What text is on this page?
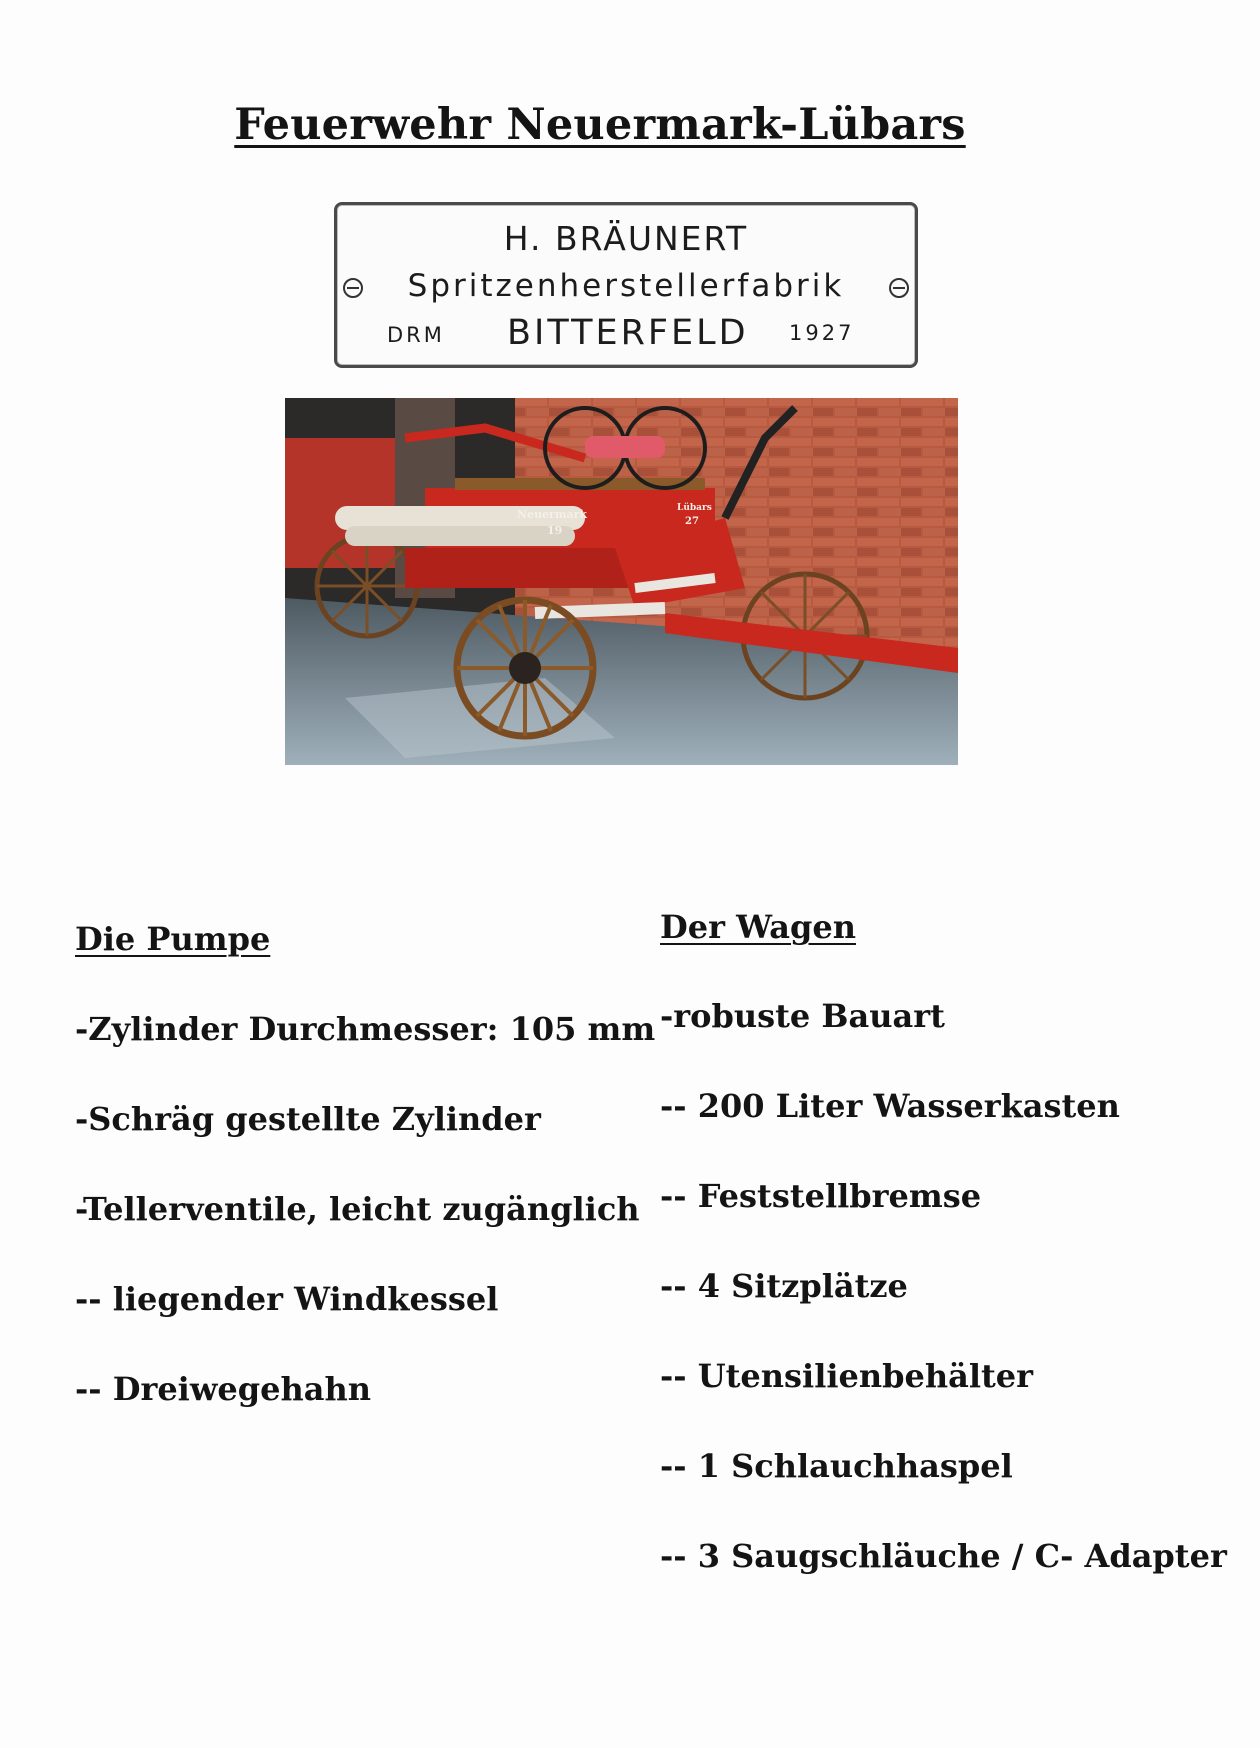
Feuerwehr Neuermark-Lübars
H. BRÄUNERT
Spritzenherstellerfabrik
DRM BITTERFELD 1927
Neuermark
19
Lübars
27
Die Pumpe
-Zylinder Durchmesser: 105 mm
-Schräg gestellte Zylinder
-Tellerventile, leicht zugänglich
-- liegender Windkessel
-- Dreiwegehahn
Der Wagen
-robuste Bauart
-- 200 Liter Wasserkasten
-- Feststellbremse
-- 4 Sitzplätze
-- Utensilienbehälter
-- 1 Schlauchhaspel
-- 3 Saugschläuche / C- Adapter
